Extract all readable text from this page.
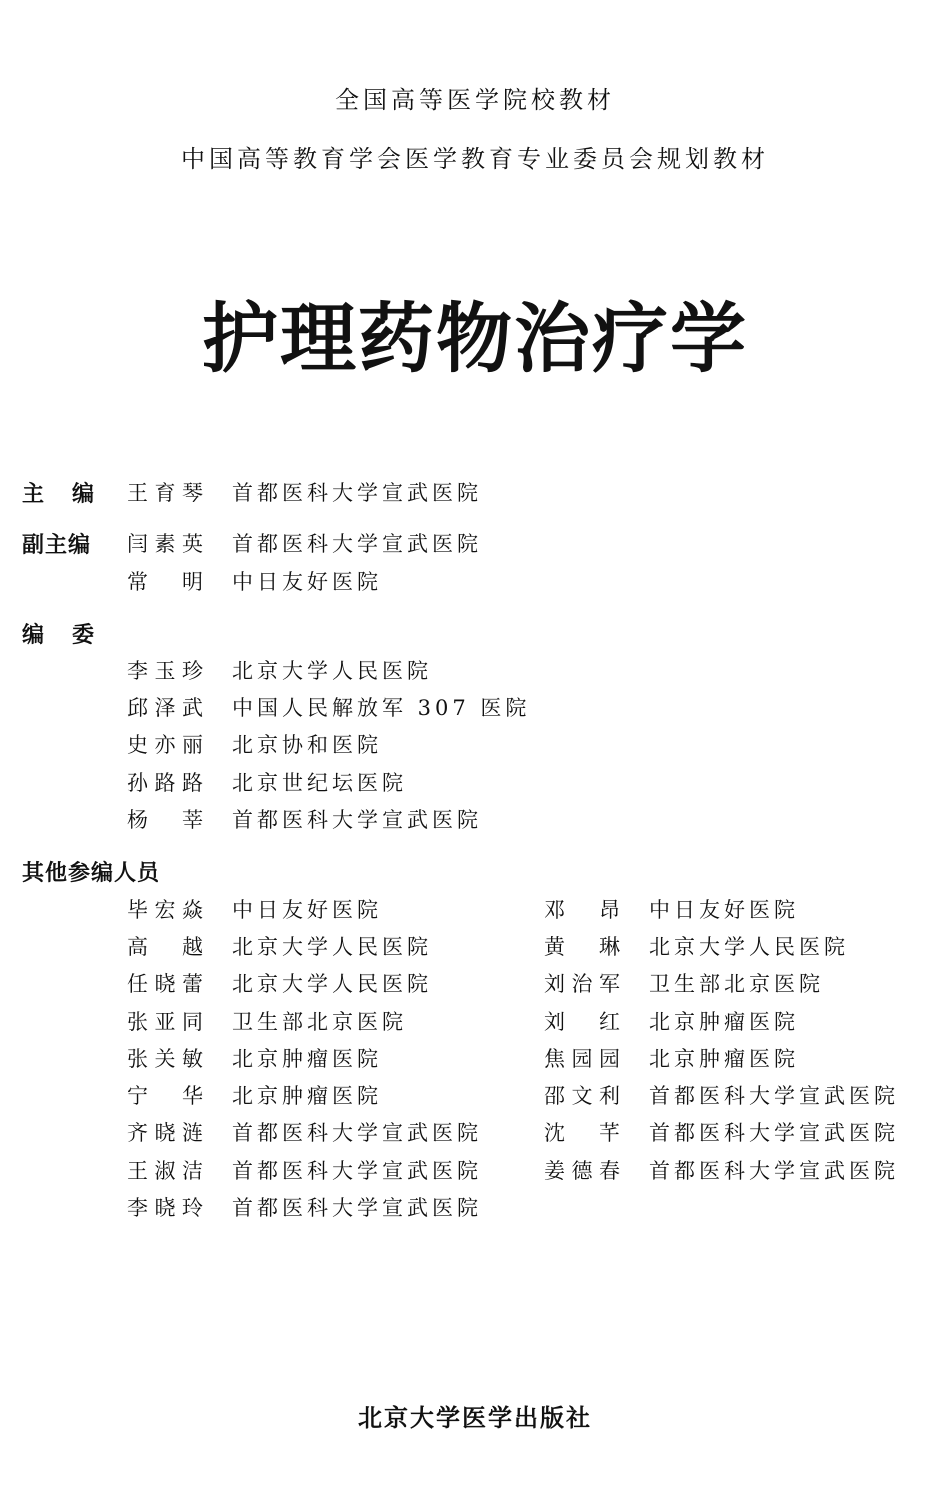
全国高等医学院校教材
中国高等教育学会医学教育专业委员会规划教材
护理药物治疗学
主编 王育琴 首都医科大学宣武医院
副主编 闫素英 首都医科大学宣武医院
常明 中日友好医院
编委
李玉珍 北京大学人民医院
邱泽武 中国人民解放军 307 医院
史亦丽 北京协和医院
孙路路 北京世纪坛医院
杨莘 首都医科大学宣武医院
其他参编人员
毕宏焱 中日友好医院
高越 北京大学人民医院
任晓蕾 北京大学人民医院
张亚同 卫生部北京医院
张关敏 北京肿瘤医院
宁华 北京肿瘤医院
齐晓涟 首都医科大学宣武医院
王淑洁 首都医科大学宣武医院
李晓玲 首都医科大学宣武医院
邓昂 中日友好医院
黄琳 北京大学人民医院
刘治军 卫生部北京医院
刘红 北京肿瘤医院
焦园园 北京肿瘤医院
邵文利 首都医科大学宣武医院
沈芊 首都医科大学宣武医院
姜德春 首都医科大学宣武医院
北京大学医学出版社
